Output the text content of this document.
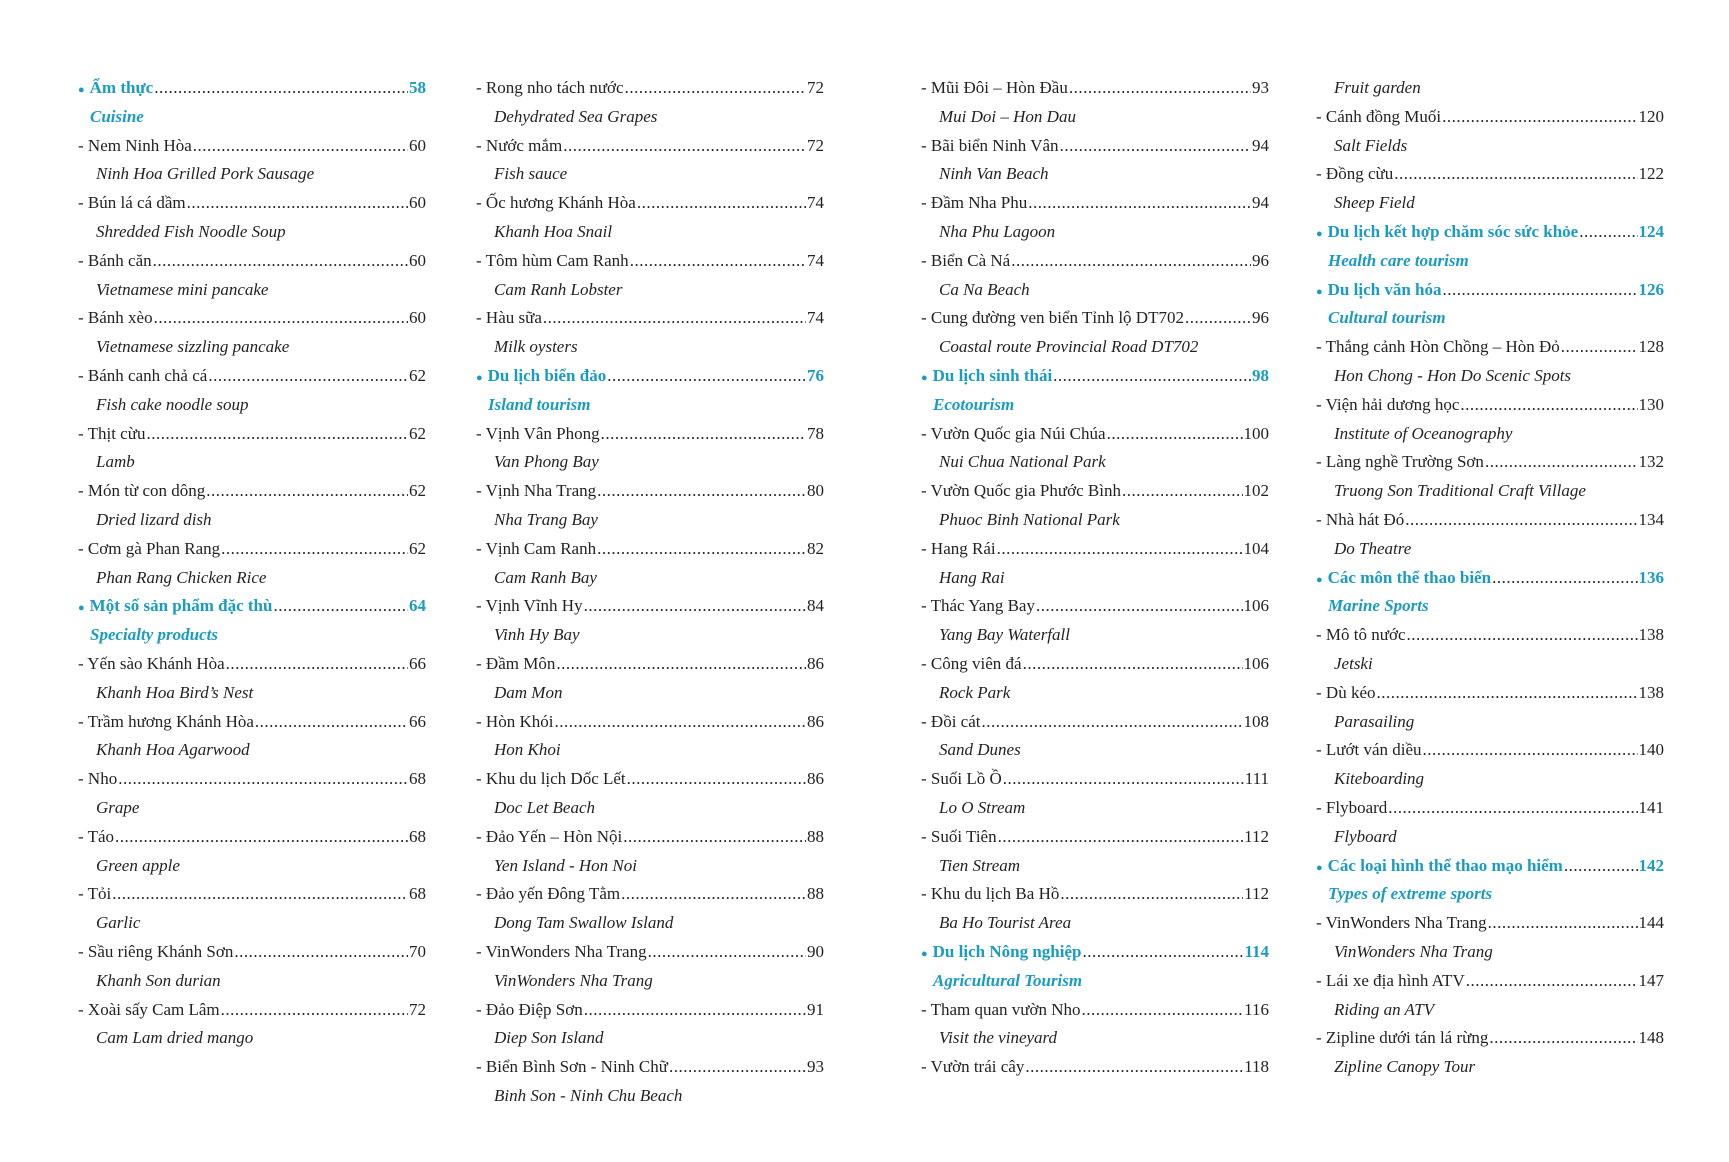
● Ẩm thực .....	58
Cuisine
- Nem Ninh Hòa .....	60
Ninh Hoa Grilled Pork Sausage
- Bún lá cá dầm .....	60
Shredded Fish Noodle Soup
- Bánh căn .....	60
Vietnamese mini pancake
- Bánh xèo .....	60
Vietnamese sizzling pancake
- Bánh canh chả cá .....	62
Fish cake noodle soup
- Thịt cừu .....	62
Lamb
- Món từ con dông .....	62
Dried lizard dish
- Cơm gà Phan Rang .....	62
Phan Rang Chicken Rice
● Một số sản phẩm đặc thù .....	64
Specialty products
- Yến sào Khánh Hòa .....	66
Khanh Hoa Bird’s Nest
- Trầm hương Khánh Hòa .....	66
Khanh Hoa Agarwood
- Nho .....	68
Grape
- Táo .....	68
Green apple
- Tỏi .....	68
Garlic
- Sầu riêng Khánh Sơn .....	70
Khanh Son durian
- Xoài sấy Cam Lâm .....	72
Cam Lam dried mango
- Rong nho tách nước .....	72
Dehydrated Sea Grapes
- Nước mắm .....	72
Fish sauce
- Ốc hương Khánh Hòa .....	74
Khanh Hoa Snail
- Tôm hùm Cam Ranh .....	74
Cam Ranh Lobster
- Hàu sữa .....	74
Milk oysters
● Du lịch biển đảo .....	76
Island tourism
- Vịnh Vân Phong .....	78
Van Phong Bay
- Vịnh Nha Trang .....	80
Nha Trang Bay
- Vịnh Cam Ranh .....	82
Cam Ranh Bay
- Vịnh Vĩnh Hy .....	84
Vinh Hy Bay
- Đầm Môn .....	86
Dam Mon
- Hòn Khói .....	86
Hon Khoi
- Khu du lịch Dốc Lết .....	86
Doc Let Beach
- Đảo Yến – Hòn Nội .....	88
Yen Island - Hon Noi
- Đảo yến Đông Tằm .....	88
Dong Tam Swallow Island
- VinWonders Nha Trang .....	90
VinWonders Nha Trang
- Đảo Điệp Sơn .....	91
Diep Son Island
- Biển Bình Sơn - Ninh Chữ .....	93
Binh Son - Ninh Chu Beach
- Mũi Đôi – Hòn Đầu .....	93
Mui Doi – Hon Dau
- Bãi biển Ninh Vân .....	94
Ninh Van Beach
- Đầm Nha Phu .....	94
Nha Phu Lagoon
- Biển Cà Ná .....	96
Ca Na Beach
- Cung đường ven biển Tỉnh lộ DT702 .....	96
Coastal route Provincial Road DT702
● Du lịch sinh thái .....	98
Ecotourism
- Vườn Quốc gia Núi Chúa .....	100
Nui Chua National Park
- Vườn Quốc gia Phước Bình .....	102
Phuoc Binh National Park
- Hang Rái .....	104
Hang Rai
- Thác Yang Bay .....	106
Yang Bay Waterfall
- Công viên đá .....	106
Rock Park
- Đồi cát .....	108
Sand Dunes
- Suối Lồ Ồ .....	111
Lo O Stream
- Suối Tiên .....	112
Tien Stream
- Khu du lịch Ba Hồ .....	112
Ba Ho Tourist Area
● Du lịch Nông nghiệp .....	114
Agricultural Tourism
- Tham quan vườn Nho .....	116
Visit the vineyard
- Vườn trái cây .....	118
Fruit garden
- Cánh đồng Muối .....	120
Salt Fields
- Đồng cừu .....	122
Sheep Field
● Du lịch kết hợp chăm sóc sức khỏe .....	124
Health care tourism
● Du lịch văn hóa .....	126
Cultural tourism
- Thắng cảnh Hòn Chồng – Hòn Đỏ .....	128
Hon Chong - Hon Do Scenic Spots
- Viện hải dương học .....	130
Institute of Oceanography
- Làng nghề Trường Sơn .....	132
Truong Son Traditional Craft Village
- Nhà hát Đó .....	134
Do Theatre
● Các môn thể thao biển .....	136
Marine Sports
- Mô tô nước .....	138
Jetski
- Dù kéo .....	138
Parasailing
- Lướt ván diều .....	140
Kiteboarding
- Flyboard .....	141
Flyboard
● Các loại hình thể thao mạo hiểm .....	142
Types of extreme sports
- VinWonders Nha Trang .....	144
VinWonders Nha Trang
- Lái xe địa hình ATV .....	147
Riding an ATV
- Zipline dưới tán lá rừng .....	148
Zipline Canopy Tour
